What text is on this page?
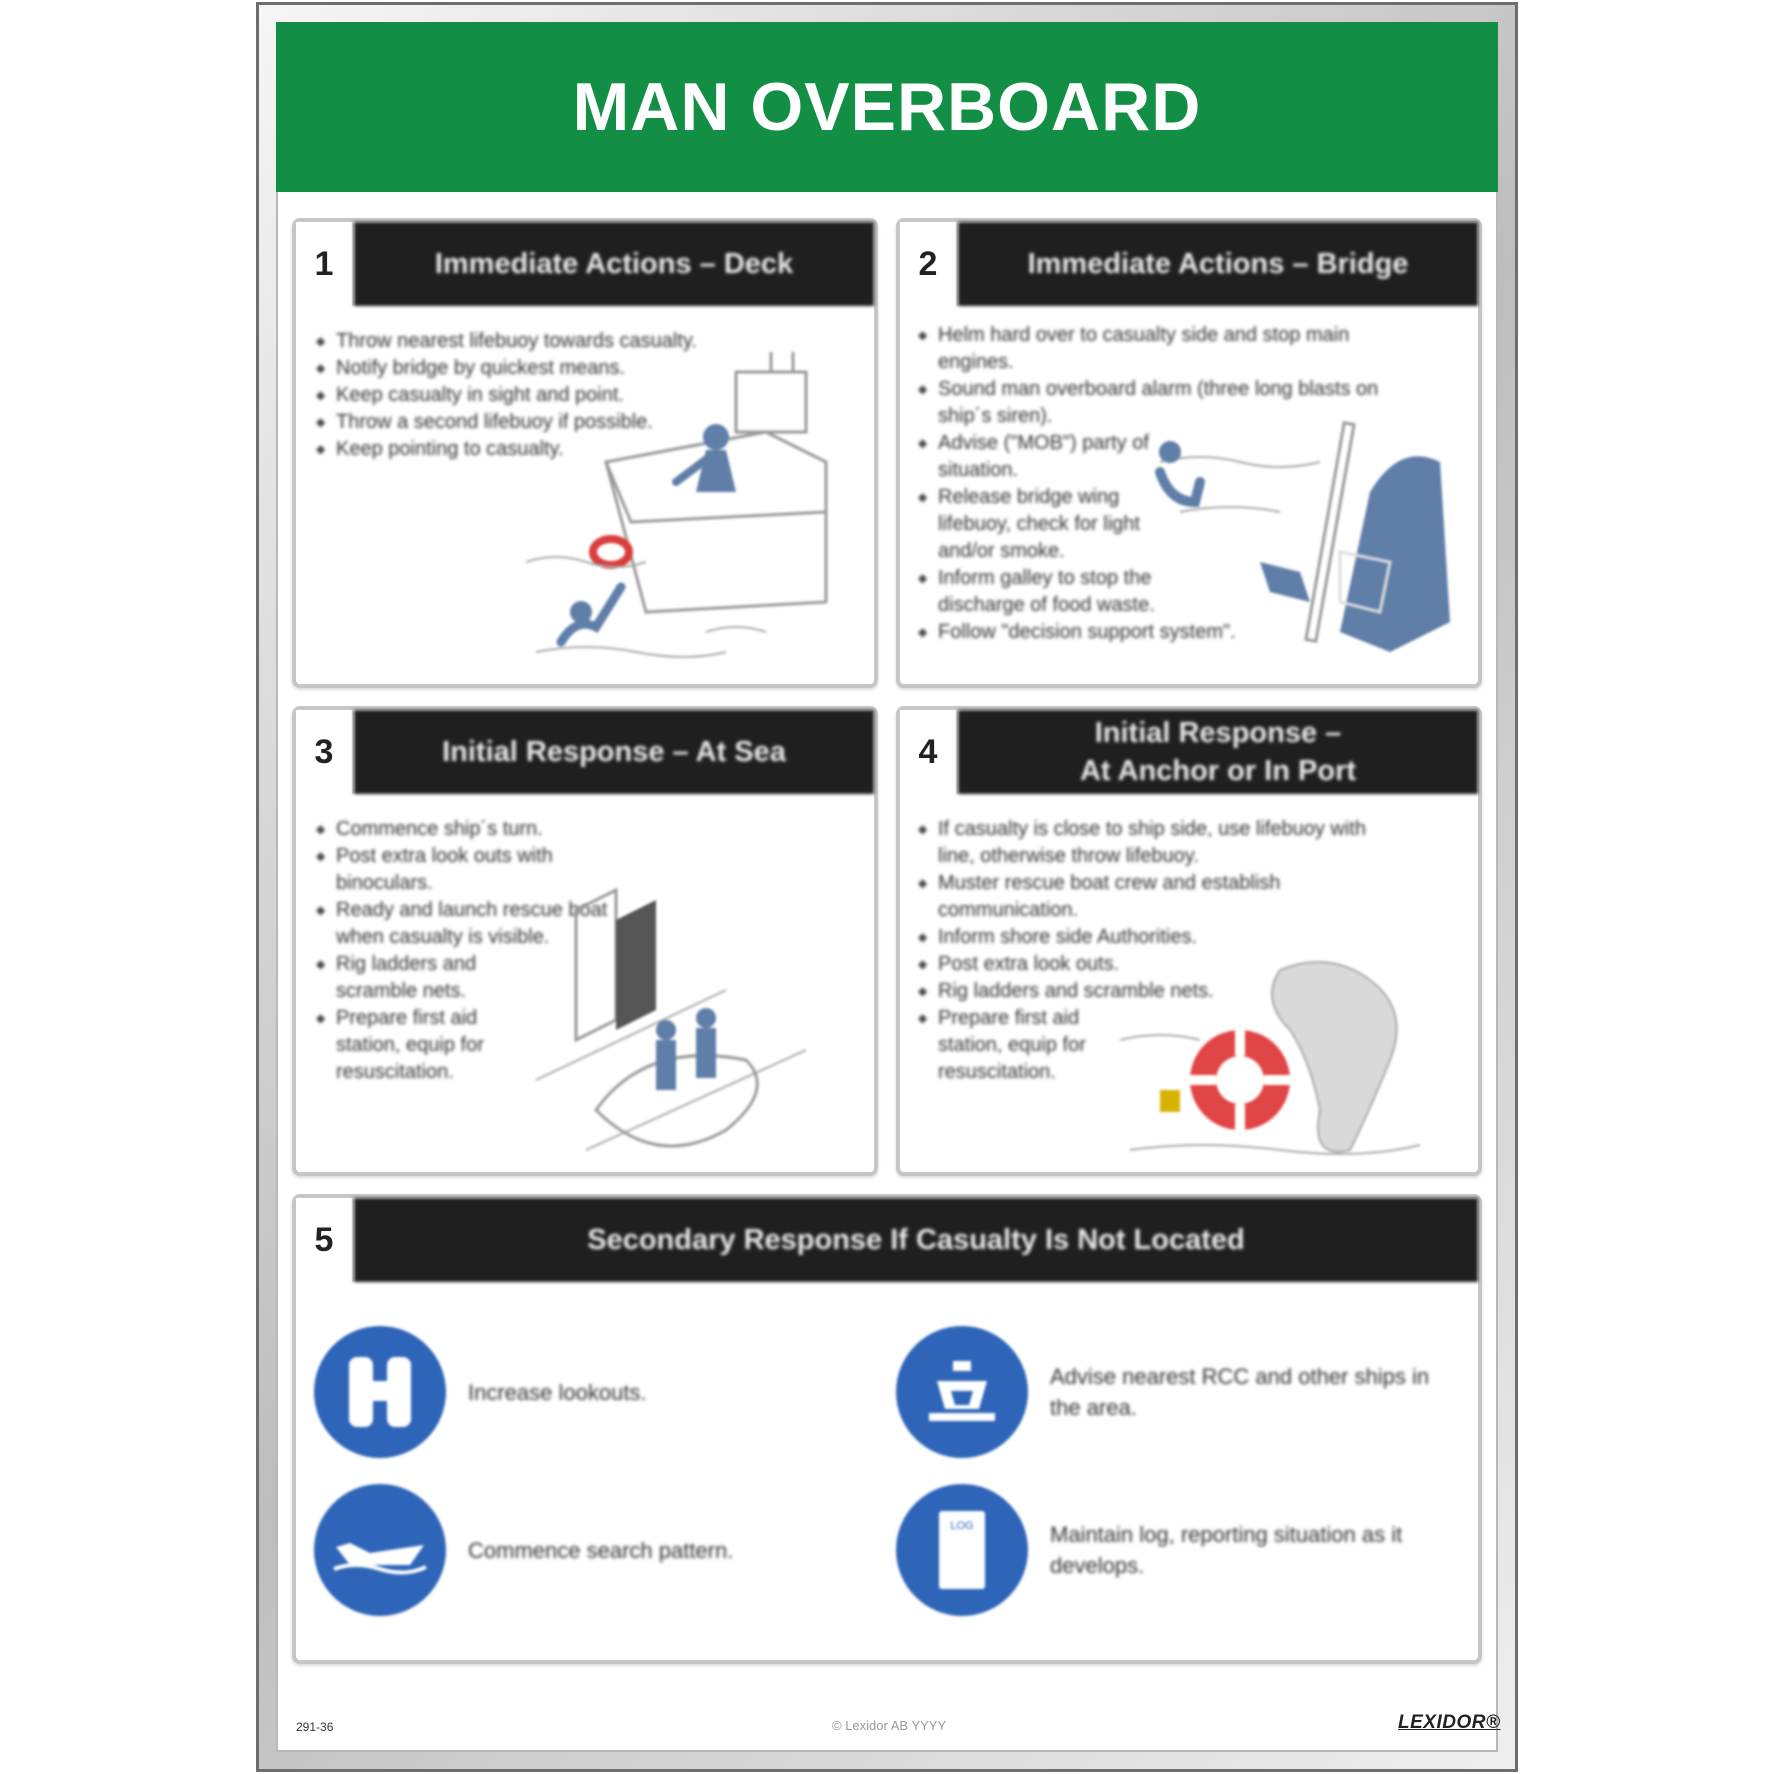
MAN OVERBOARD
1	Immediate Actions – Deck
◆ Throw nearest lifebuoy towards casualty.
◆ Notify bridge by quickest means.
◆ Keep casualty in sight and point.
◆ Throw a second lifebuoy if possible.
◆ Keep pointing to casualty.
2	Immediate Actions – Bridge
◆ Helm hard over to casualty side and stop main engines.
◆ Sound man overboard alarm (three long blasts on ship´s siren).
◆ Advise ("MOB") party of situation.
◆ Release bridge wing lifebuoy, check for light and/or smoke.
◆ Inform galley to stop the discharge of food waste.
◆ Follow "decision support system".
3	Initial Response – At Sea
◆ Commence ship´s turn.
◆ Post extra look outs with binoculars.
◆ Ready and launch rescue boat when casualty is visible.
◆ Rig ladders and scramble nets.
◆ Prepare first aid station, equip for resuscitation.
4	Initial Response –
At Anchor or In Port
◆ If casualty is close to ship side, use lifebuoy with line, otherwise throw lifebuoy.
◆ Muster rescue boat crew and establish communication.
◆ Inform shore side Authorities.
◆ Post extra look outs.
◆ Rig ladders and scramble nets.
◆ Prepare first aid station, equip for resuscitation.
5	Secondary Response If Casualty Is Not Located
Increase lookouts.
Advise nearest RCC and other ships in the area.
Commence search pattern.
LOG	Maintain log, reporting situation as it develops.
291-36	© Lexidor AB YYYY	LEXIDOR®
